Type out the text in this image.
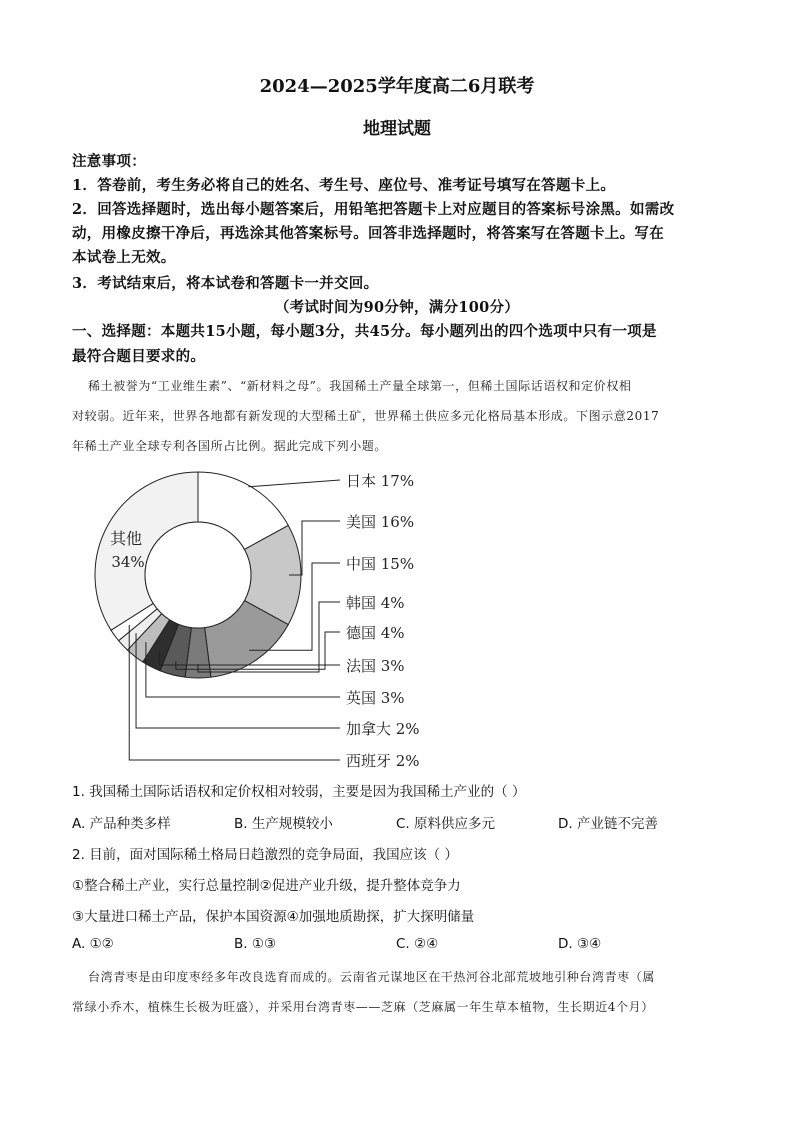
2024—2025学年度高二6月联考
地理试题
注意事项：
1．答卷前，考生务必将自己的姓名、考生号、座位号、准考证号填写在答题卡上。
2．回答选择题时，选出每小题答案后，用铅笔把答题卡上对应题目的答案标号涂黑。如需改
动，用橡皮擦干净后，再选涂其他答案标号。回答非选择题时，将答案写在答题卡上。写在
本试卷上无效。
3．考试结束后，将本试卷和答题卡一并交回。
（考试时间为90分钟，满分100分）
一、选择题：本题共15小题，每小题3分，共45分。每小题列出的四个选项中只有一项是
最符合题目要求的。
稀土被誉为“工业维生素”、“新材料之母”。我国稀土产量全球第一，但稀土国际话语权和定价权相
对较弱。近年来，世界各地都有新发现的大型稀土矿，世界稀土供应多元化格局基本形成。下图示意2017
年稀土产业全球专利各国所占比例。据此完成下列小题。
日本 17%
美国 16%
中国 15%
韩国 4%
德国 4%
法国 3%
英国 3%
加拿大 2%
西班牙 2%
其他
34%
1. 我国稀土国际话语权和定价权相对较弱，主要是因为我国稀土产业的（ ）
A. 产品种类多样	B. 生产规模较小	C. 原料供应多元	D. 产业链不完善
2. 目前，面对国际稀土格局日趋激烈的竞争局面，我国应该（ ）
①整合稀土产业，实行总量控制②促进产业升级，提升整体竞争力
③大量进口稀土产品，保护本国资源④加强地质勘探，扩大探明储量
A. ①②	B. ①③	C. ②④	D. ③④
台湾青枣是由印度枣经多年改良选育而成的。云南省元谋地区在干热河谷北部荒坡地引种台湾青枣（属
常绿小乔木，植株生长极为旺盛），并采用台湾青枣——芝麻（芝麻属一年生草本植物，生长期近4个月）
